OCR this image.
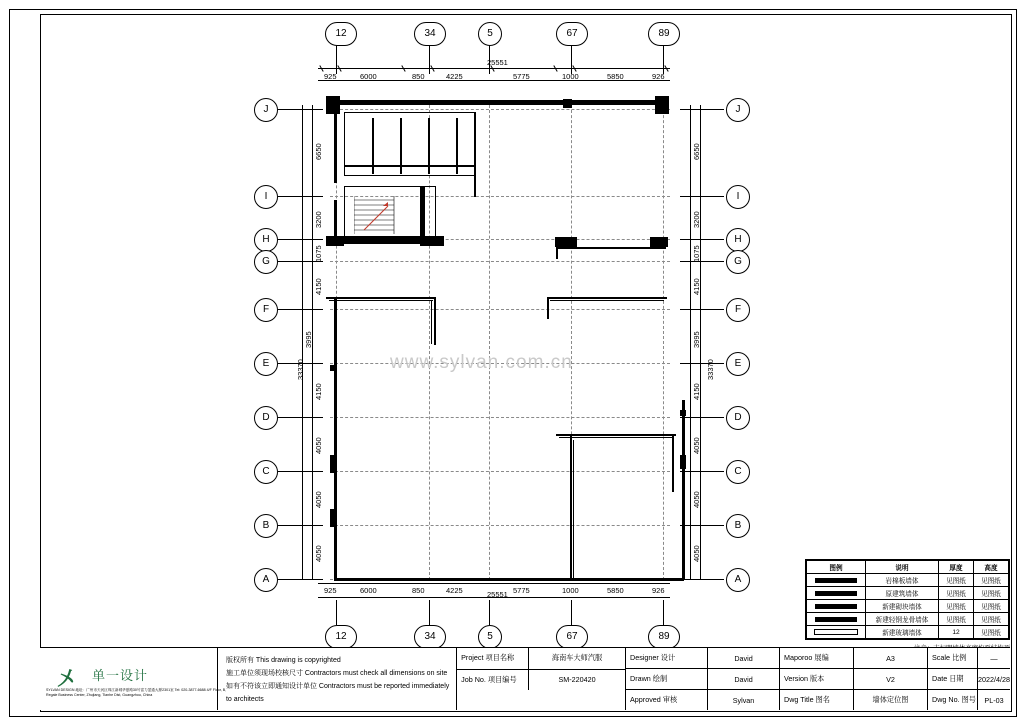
www.sylvan.com.cn
12	34	5	67	89
12	34	5	67	89
J
I
H
G
F
E
D
C
B
A
J
I
H
G
F
E
D
C
B
A
25551
925	6000	850	4225	5775	1000	5850	926
925	6000	850	4225	5775	1000	5850	926
25551
6650
3200
1075
4150
3995
4150
4050
4050
4050
33370
6650
3200
1075
4150
3995
4150
4050
4050
4050
33370
图例	说明	厚度	高度

	岩棉板墙体	见图纸	见图纸

	原建筑墙体	见图纸	见图纸

	新建砌块墙体	见图纸	见图纸

	新建轻钢龙骨墙体	见图纸	见图纸

	新建玻璃墙体	12	见图纸
〤 单一设计
SYLVAN DESIGN 地址：广州市天河区珠江新城华夏路30号富力盈通大厦2301室 Tel: 020-3877-6688 4/F Floor, B, Regale Business Center, Zhujiang, Tianhe Dist, Guangzhou, China
版权所有 This drawing is copyrighted
施工单位须现场校核尺寸 Contractors must check all dimensions on site
如有不符该立即通知设计单位 Contractors must be reported immediately to architects
Project 项目名称	海南车大师汽服
Job No. 项目编号	SM-220420
Designer 设计	David	Maporoo 展编	A3	Scale 比例	—
Drawn 绘制	David	Version 版本	V2	Date 日期	2022/4/28
Approved 审核	Sylvan	Dwg Title 图名	墙体定位图	Dwg No. 图号	PL-03
